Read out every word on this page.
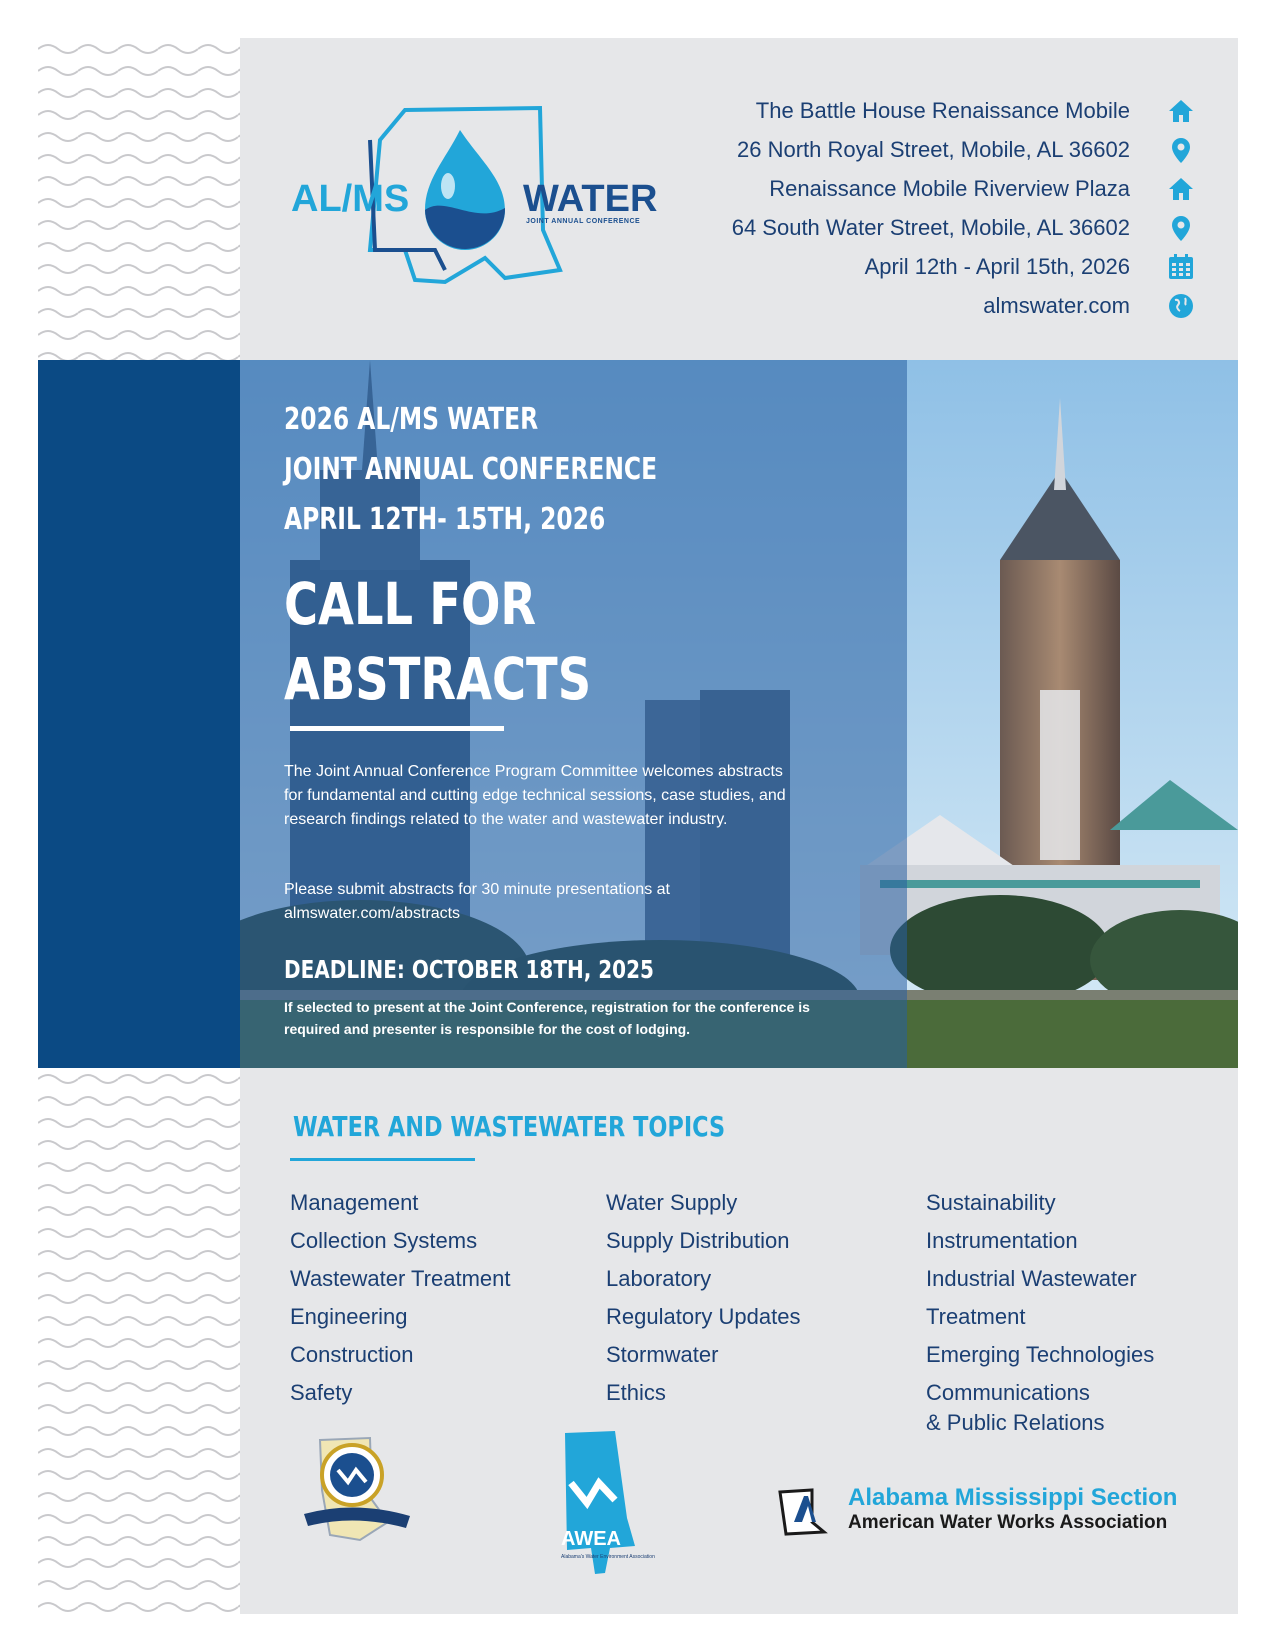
AL/MS	WATER
JOINT ANNUAL CONFERENCE
The Battle House Renaissance Mobile
26 North Royal Street, Mobile, AL 36602
Renaissance Mobile Riverview Plaza
64 South Water Street, Mobile, AL 36602
April 12th - April 15th, 2026
almswater.com
2026 AL/MS WATER
JOINT ANNUAL CONFERENCE
APRIL 12TH- 15TH, 2026
CALL FOR
ABSTRACTS
The Joint Annual Conference Program Committee welcomes abstracts for fundamental and cutting edge technical sessions, case studies, and research findings related to the water and wastewater industry.
Please submit abstracts for 30 minute presentations at almswater.com/abstracts
DEADLINE: OCTOBER 18TH, 2025
If selected to present at the Joint Conference, registration for the conference is required and presenter is responsible for the cost of lodging.
WATER AND WASTEWATER TOPICS
Management
Collection Systems
Wastewater Treatment
Engineering
Construction
Safety
Water Supply
Supply Distribution
Laboratory
Regulatory Updates
Stormwater
Ethics
Sustainability
Instrumentation
Industrial Wastewater
Treatment
Emerging Technologies
Communications
& Public Relations
AWEA
Alabama's Water Environment Association
Alabama Mississippi Section
American Water Works Association
